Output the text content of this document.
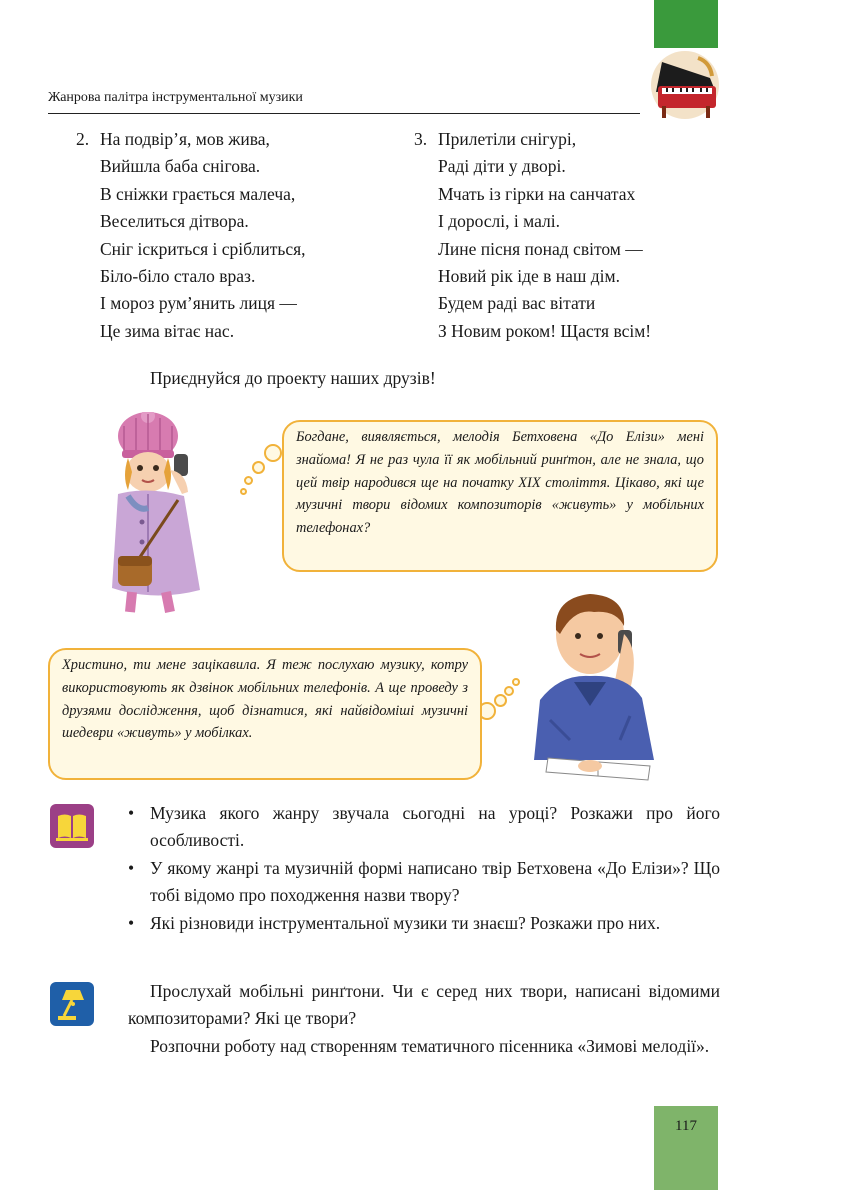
Жанрова палітра інструментальної музики
2. На подвір’я, мов жива,
Вийшла баба снігова.
В сніжки грається малеча,
Веселиться дітвора.
Сніг іскриться і сріблиться,
Біло-біло стало враз.
І мороз рум’янить лиця —
Це зима вітає нас.
3. Прилетіли снігурі,
Раді діти у дворі.
Мчать із гірки на санчатах
І дорослі, і малі.
Лине пісня понад світом —
Новий рік іде в наш дім.
Будем раді вас вітати
З Новим роком! Щастя всім!
Приєднуйся до проекту наших друзів!
Богдане, виявляється, мелодія Бетховена «До Елізи» мені знайома! Я не раз чула її як мобільний ринґтон, але не знала, що цей твір народився ще на початку XIX століття. Цікаво, які ще музичні твори відомих композиторів «живуть» у мобільних телефонах?
Христино, ти мене зацікавила. Я теж послухаю музику, котру використовують як дзвінок мобільних телефонів. А ще проведу з друзями дослідження, щоб дізнатися, які найвідоміші музичні шедеври «живуть» у мобілках.
• Музика якого жанру звучала сьогодні на уроці? Розкажи про його особливості.
• У якому жанрі та музичній формі написано твір Бетховена «До Елізи»? Що тобі відомо про походження назви твору?
• Які різновиди інструментальної музики ти знаєш? Розкажи про них.

Прослухай мобільні ринґтони. Чи є серед них твори, написані відомими композиторами? Які це твори?

Розпочни роботу над створенням тематичного пісенника «Зимові мелодії».

117
